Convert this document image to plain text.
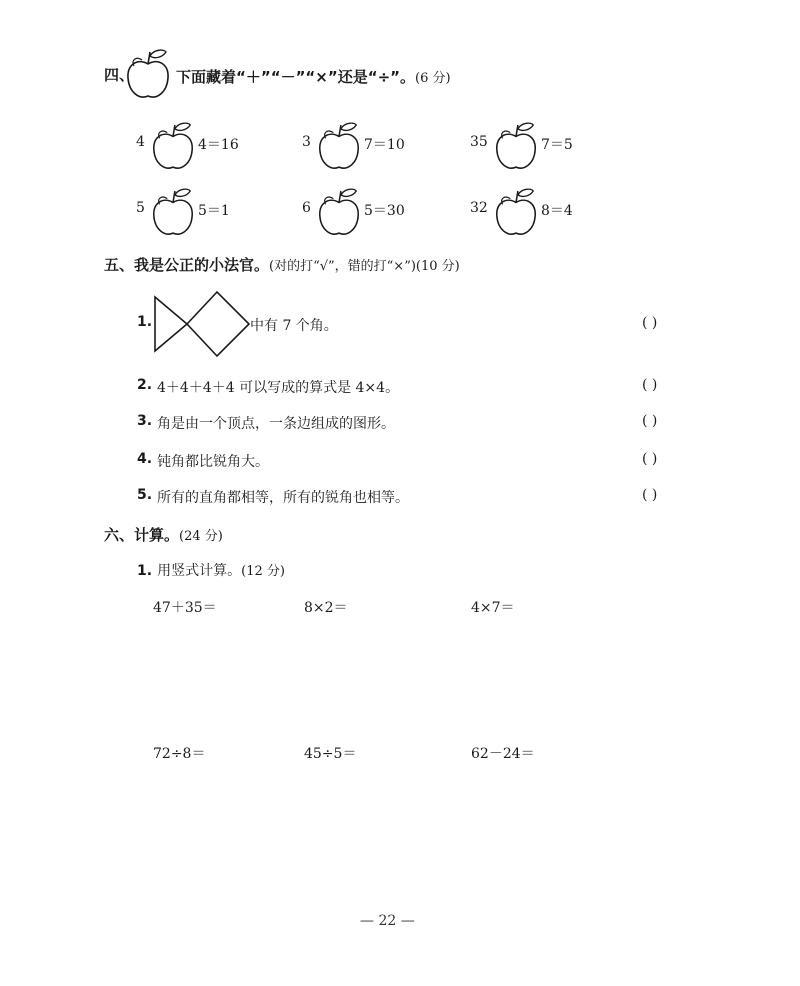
四、	下面藏着“＋”“－”“×”还是“÷”。(6 分)
4	4＝16	3	7＝10	35	7＝5
5	5＝1	6	5＝30	32	8＝4
五、我是公正的小法官。(对的打“√”，错的打“×”)(10 分)
1.	中有 7 个角。	( )
2. 4＋4＋4＋4 可以写成的算式是 4×4。	( )
3. 角是由一个顶点，一条边组成的图形。	( )
4. 钝角都比锐角大。	( )
5. 所有的直角都相等，所有的锐角也相等。	( )
六、计算。(24 分)
1. 用竖式计算。(12 分)
47＋35＝	8×2＝	4×7＝
72÷8＝	45÷5＝	62－24＝
— 22 —
